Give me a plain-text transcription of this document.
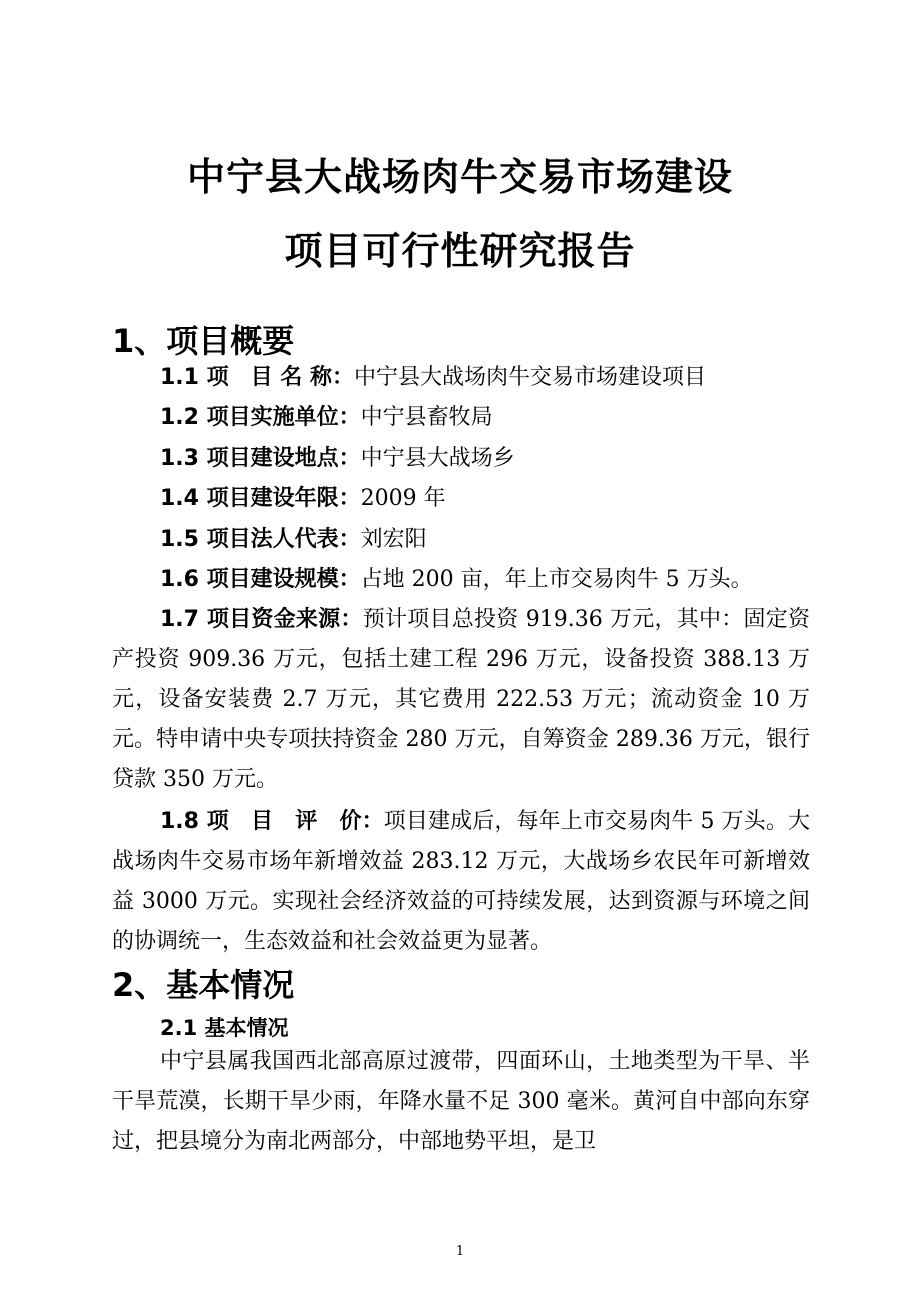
中宁县大战场肉牛交易市场建设
项目可行性研究报告
1、项目概要

1.1 项　目 名 称：中宁县大战场肉牛交易市场建设项目

1.2 项目实施单位：中宁县畜牧局

1.3 项目建设地点：中宁县大战场乡

1.4 项目建设年限：2009 年

1.5 项目法人代表：刘宏阳

1.6 项目建设规模：占地 200 亩，年上市交易肉牛 5 万头。

1.7 项目资金来源：预计项目总投资 919.36 万元，其中：固定资产投资 909.36 万元，包括土建工程 296 万元，设备投资 388.13 万元，设备安装费 2.7 万元，其它费用 222.53 万元；流动资金 10 万元。特申请中央专项扶持资金 280 万元，自筹资金 289.36 万元，银行贷款 350 万元。

1.8 项　目　评　价：项目建成后，每年上市交易肉牛 5 万头。大战场肉牛交易市场年新增效益 283.12 万元，大战场乡农民年可新增效益 3000 万元。实现社会经济效益的可持续发展，达到资源与环境之间的协调统一，生态效益和社会效益更为显著。

2、基本情况
2.1 基本情况

中宁县属我国西北部高原过渡带，四面环山，土地类型为干旱、半干旱荒漠，长期干旱少雨，年降水量不足 300 毫米。黄河自中部向东穿过，把县境分为南北两部分，中部地势平坦，是卫

1
